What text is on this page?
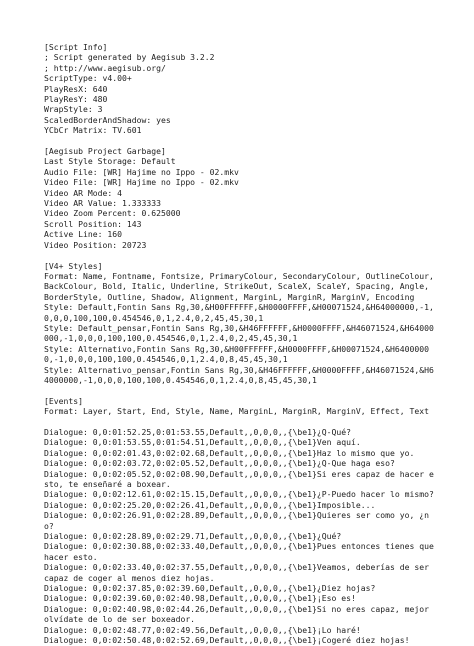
[Script Info]
; Script generated by Aegisub 3.2.2
; http://www.aegisub.org/
ScriptType: v4.00+
PlayResX: 640
PlayResY: 480
WrapStyle: 3
ScaledBorderAndShadow: yes
YCbCr Matrix: TV.601
[Aegisub Project Garbage]
Last Style Storage: Default
Audio File: [WR] Hajime no Ippo - 02.mkv
Video File: [WR] Hajime no Ippo - 02.mkv
Video AR Mode: 4
Video AR Value: 1.333333
Video Zoom Percent: 0.625000
Scroll Position: 143
Active Line: 160
Video Position: 20723
[V4+ Styles]
Format: Name, Fontname, Fontsize, PrimaryColour, SecondaryColour, OutlineColour, BackColour, Bold, Italic, Underline, StrikeOut, ScaleX, ScaleY, Spacing, Angle, BorderStyle, Outline, Shadow, Alignment, MarginL, MarginR, MarginV, Encoding
Style: Default,Fontin Sans Rg,30,&H00FFFFFF,&H0000FFFF,&H00071524,&H64000000,-1,0,0,0,100,100,0.454546,0,1,2.4,0,2,45,45,30,1
Style: Default_pensar,Fontin Sans Rg,30,&H46FFFFFF,&H0000FFFF,&H46071524,&H64000000,-1,0,0,0,100,100,0.454546,0,1,2.4,0,2,45,45,30,1
Style: Alternativo,Fontin Sans Rg,30,&H00FFFFFF,&H0000FFFF,&H00071524,&H64000000,-1,0,0,0,100,100,0.454546,0,1,2.4,0,8,45,45,30,1
Style: Alternativo_pensar,Fontin Sans Rg,30,&H46FFFFFF,&H0000FFFF,&H46071524,&H64000000,-1,0,0,0,100,100,0.454546,0,1,2.4,0,8,45,45,30,1
[Events]
Format: Layer, Start, End, Style, Name, MarginL, MarginR, MarginV, Effect, Text
Dialogue: 0,0:01:52.25,0:01:53.55,Default,,0,0,0,,{\be1}¿Q-Qué?
Dialogue: 0,0:01:53.55,0:01:54.51,Default,,0,0,0,,{\be1}Ven aquí.
Dialogue: 0,0:02:01.43,0:02:02.68,Default,,0,0,0,,{\be1}Haz lo mismo que yo.
Dialogue: 0,0:02:03.72,0:02:05.52,Default,,0,0,0,,{\be1}¿Q-Que haga eso?
Dialogue: 0,0:02:05.52,0:02:08.90,Default,,0,0,0,,{\be1}Si eres capaz de hacer esto, te enseñaré a boxear.
Dialogue: 0,0:02:12.61,0:02:15.15,Default,,0,0,0,,{\be1}¿P-Puedo hacer lo mismo?
Dialogue: 0,0:02:25.20,0:02:26.41,Default,,0,0,0,,{\be1}Imposible...
Dialogue: 0,0:02:26.91,0:02:28.89,Default,,0,0,0,,{\be1}Quieres ser como yo, ¿no?
Dialogue: 0,0:02:28.89,0:02:29.71,Default,,0,0,0,,{\be1}¿Qué?
Dialogue: 0,0:02:30.88,0:02:33.40,Default,,0,0,0,,{\be1}Pues entonces tienes que hacer esto.
Dialogue: 0,0:02:33.40,0:02:37.55,Default,,0,0,0,,{\be1}Veamos, deberías de ser capaz de coger al menos diez hojas.
Dialogue: 0,0:02:37.85,0:02:39.60,Default,,0,0,0,,{\be1}¿Diez hojas?
Dialogue: 0,0:02:39.60,0:02:40.98,Default,,0,0,0,,{\be1}¡Eso es!
Dialogue: 0,0:02:40.98,0:02:44.26,Default,,0,0,0,,{\be1}Si no eres capaz, mejor olvídate de lo de ser boxeador.
Dialogue: 0,0:02:48.77,0:02:49.56,Default,,0,0,0,,{\be1}¡Lo haré!
Dialogue: 0,0:02:50.48,0:02:52.69,Default,,0,0,0,,{\be1}¡Cogeré diez hojas!
